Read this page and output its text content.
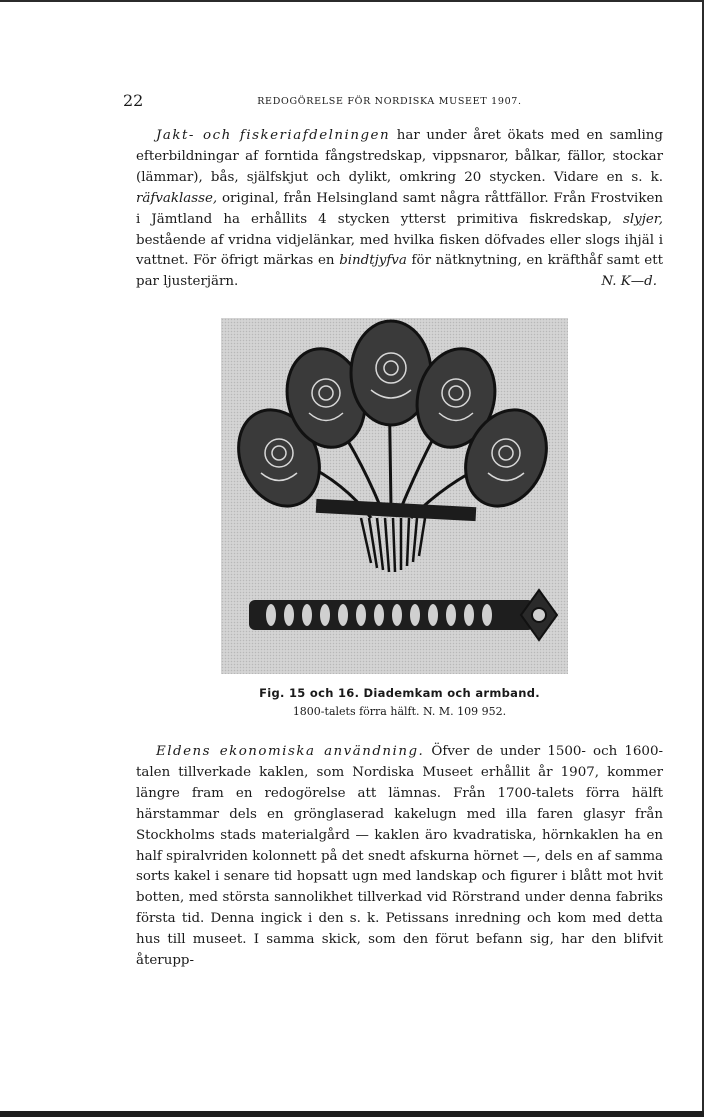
22	REDOGÖRELSE FÖR NORDISKA MUSEET 1907.
Jakt- och fiskeriafdelningen har under året ökats med en samling efterbildningar af forntida fångstredskap, vippsnaror, bålkar, fällor, stockar (lämmar), bås, själfskjut och dylikt, omkring 20 stycken. Vidare en s. k. räfvaklasse, original, från Helsingland samt några råttfällor. Från Frostviken i Jämtland ha erhållits 4 stycken ytterst primitiva fiskredskap, slyjer, bestående af vridna vidjelänkar, med hvilka fisken döfvades eller slogs ihjäl i vattnet. För öfrigt märkas en bindtjyfva för nätknytning, en kräfthåf samt ett par ljusterjärn.	N. K—d.
Fig. 15 och 16. Diademkam och armband.
1800-talets förra hälft. N. M. 109 952.
Eldens ekonomiska användning. Öfver de under 1500- och 1600-talen tillverkade kaklen, som Nordiska Museet erhållit år 1907, kommer längre fram en redogörelse att lämnas. Från 1700-talets förra hälft härstammar dels en grönglaserad kakelugn med illa faren glasyr från Stockholms stads materialgård — kaklen äro kvadratiska, hörnkaklen ha en half spiralvriden kolonnett på det snedt afskurna hörnet —, dels en af samma sorts kakel i senare tid hopsatt ugn med landskap och figurer i blått mot hvit botten, med största sannolikhet tillverkad vid Rörstrand under denna fabriks första tid. Denna ingick i den s. k. Petissans inredning och kom med detta hus till museet. I samma skick, som den förut befann sig, har den blifvit återupp-
